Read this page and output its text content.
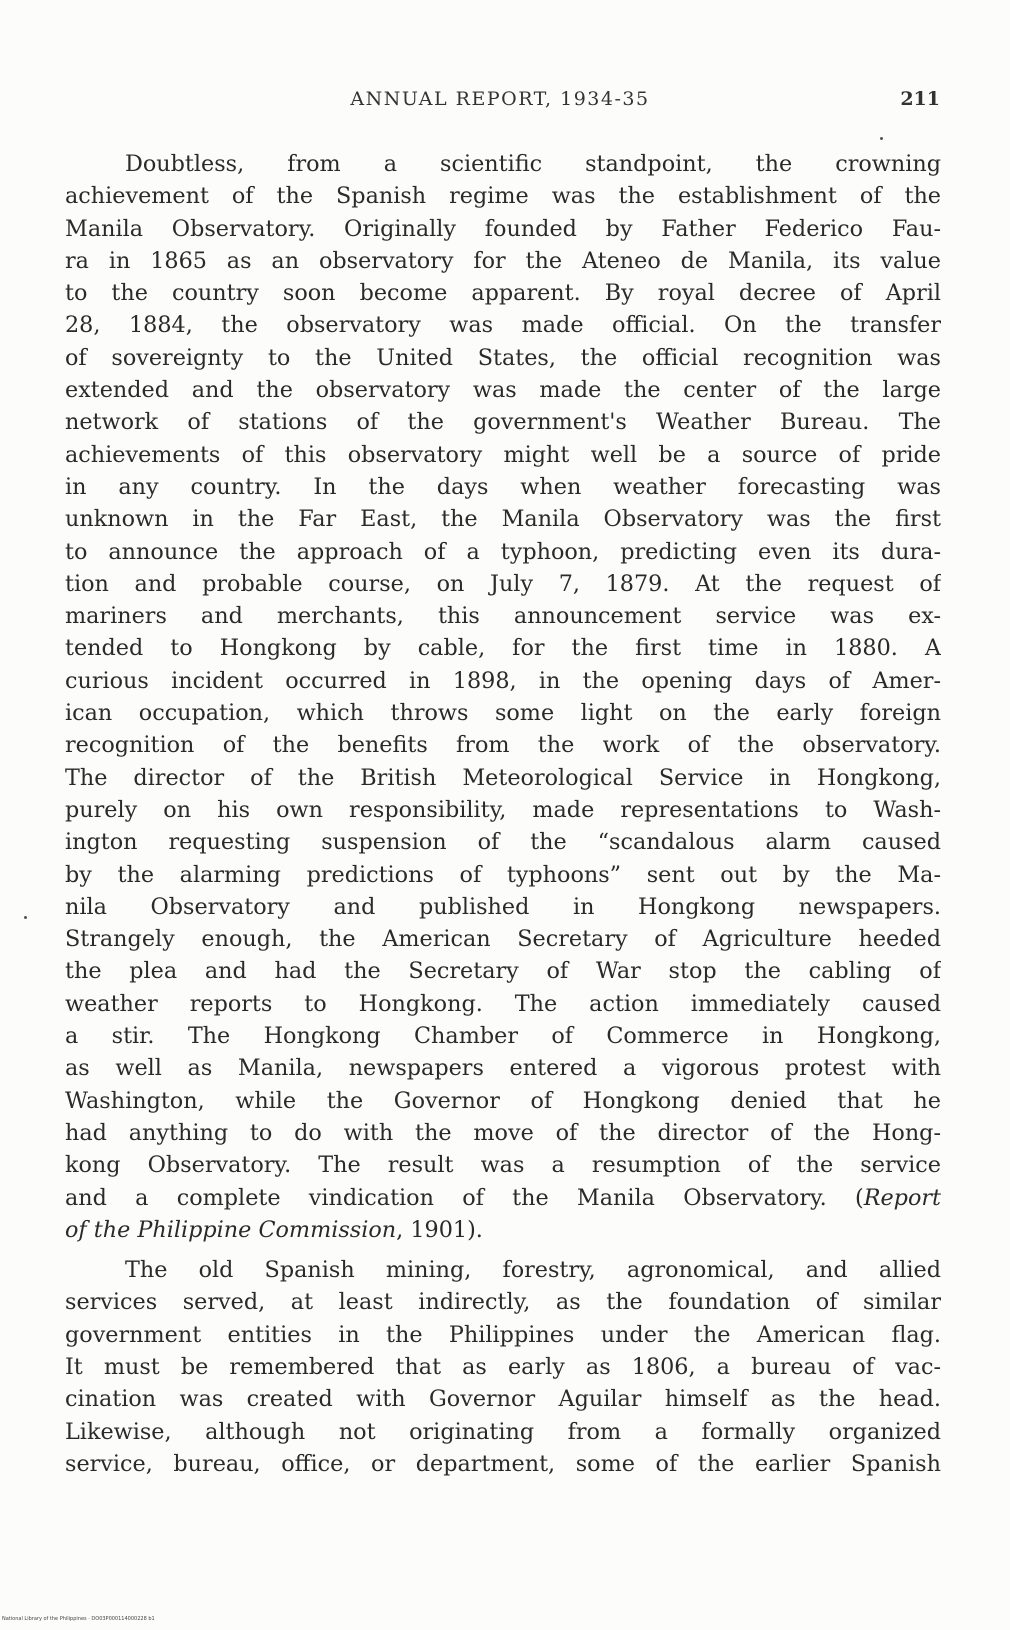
ANNUAL REPORT, 1934-35	211
Doubtless, from a scientific standpoint, the crowning
achievement of the Spanish regime was the establishment of the
Manila Observatory. Originally founded by Father Federico Fau-
ra in 1865 as an observatory for the Ateneo de Manila, its value
to the country soon become apparent. By royal decree of April
28, 1884, the observatory was made official. On the transfer
of sovereignty to the United States, the official recognition was
extended and the observatory was made the center of the large
network of stations of the government's Weather Bureau. The
achievements of this observatory might well be a source of pride
in any country. In the days when weather forecasting was
unknown in the Far East, the Manila Observatory was the first
to announce the approach of a typhoon, predicting even its dura-
tion and probable course, on July 7, 1879. At the request of
mariners and merchants, this announcement service was ex-
tended to Hongkong by cable, for the first time in 1880. A
curious incident occurred in 1898, in the opening days of Amer-
ican occupation, which throws some light on the early foreign
recognition of the benefits from the work of the observatory.
The director of the British Meteorological Service in Hongkong,
purely on his own responsibility, made representations to Wash-
ington requesting suspension of the “scandalous alarm caused
by the alarming predictions of typhoons” sent out by the Ma-
nila Observatory and published in Hongkong newspapers.
Strangely enough, the American Secretary of Agriculture heeded
the plea and had the Secretary of War stop the cabling of
weather reports to Hongkong. The action immediately caused
a stir. The Hongkong Chamber of Commerce in Hongkong,
as well as Manila, newspapers entered a vigorous protest with
Washington, while the Governor of Hongkong denied that he
had anything to do with the move of the director of the Hong-
kong Observatory. The result was a resumption of the service
and a complete vindication of the Manila Observatory. (Report
of the Philippine Commission, 1901).
The old Spanish mining, forestry, agronomical, and allied
services served, at least indirectly, as the foundation of similar
government entities in the Philippines under the American flag.
It must be remembered that as early as 1806, a bureau of vac-
cination was created with Governor Aguilar himself as the head.
Likewise, although not originating from a formally organized
service, bureau, office, or department, some of the earlier Spanish
National Library of the Philippines · DO03P000114000228 b1
